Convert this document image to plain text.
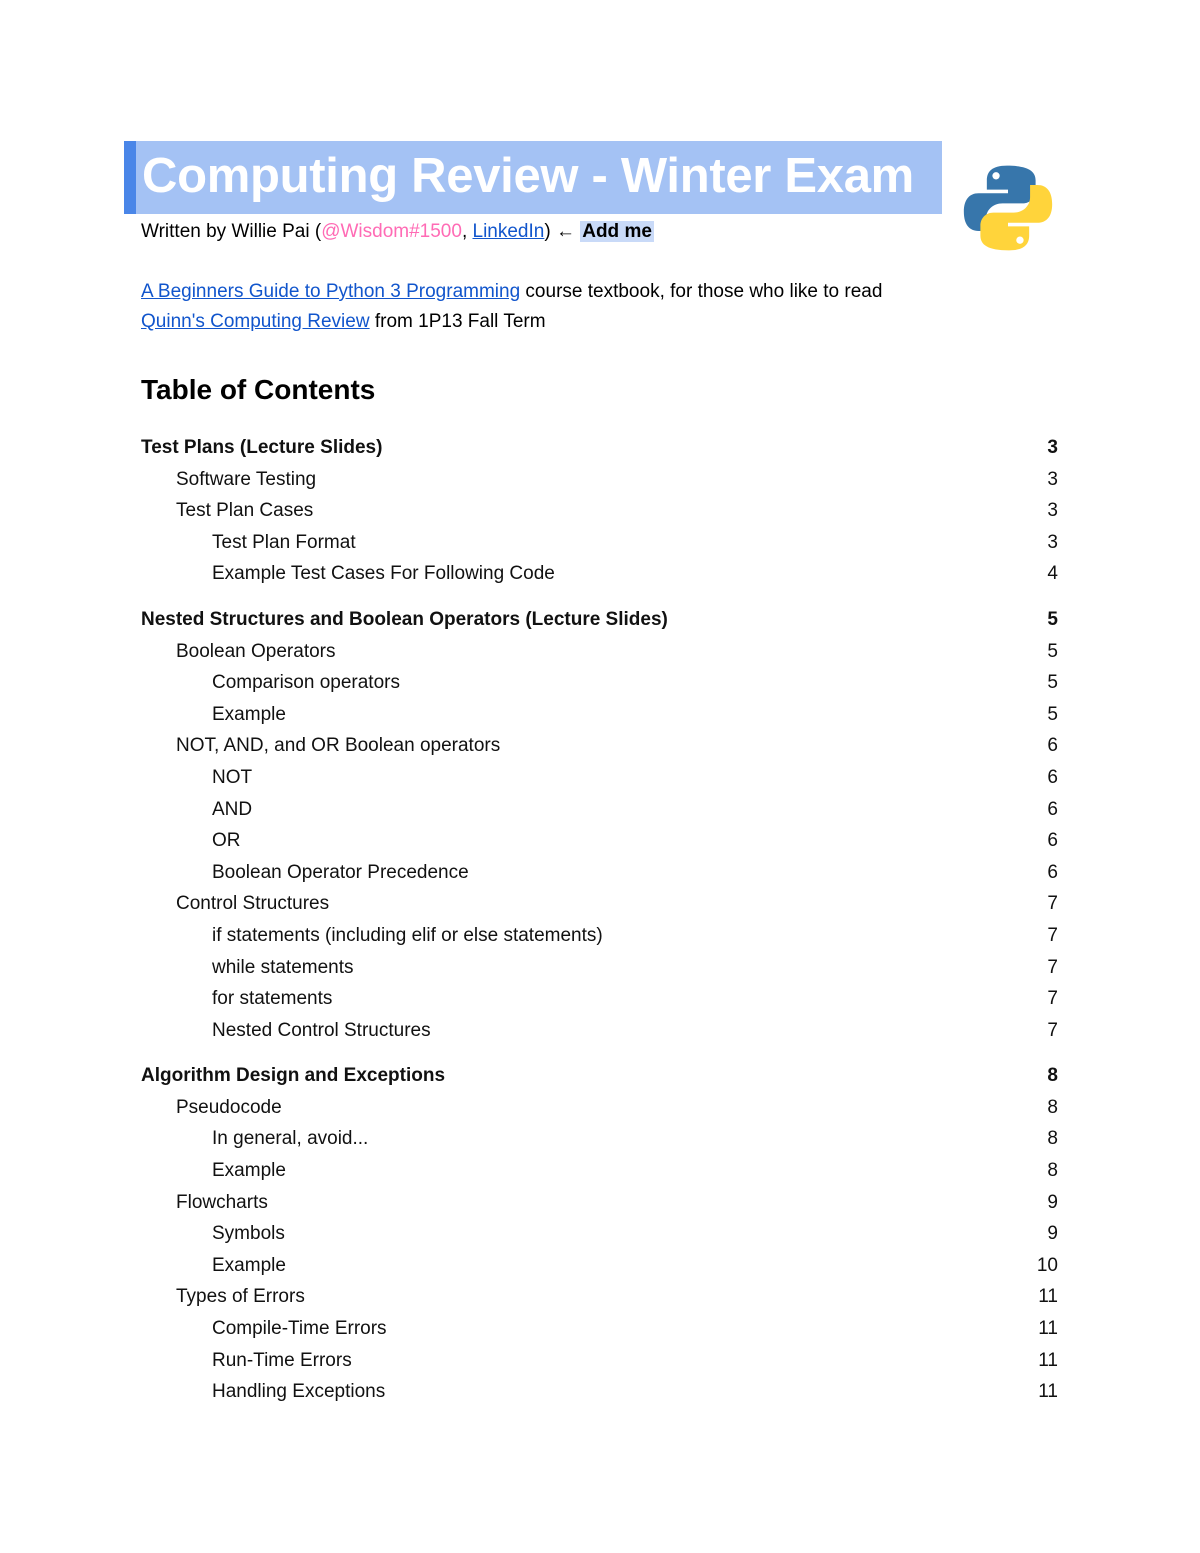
Computing Review - Winter Exam
Written by Willie Pai (@Wisdom#1500, LinkedIn) ← Add me
A Beginners Guide to Python 3 Programming course textbook, for those who like to read
Quinn's Computing Review from 1P13 Fall Term
Table of Contents
Test Plans (Lecture Slides)	3
Software Testing	3
Test Plan Cases	3
Test Plan Format	3
Example Test Cases For Following Code	4
Nested Structures and Boolean Operators (Lecture Slides)	5
Boolean Operators	5
Comparison operators	5
Example	5
NOT, AND, and OR Boolean operators	6
NOT	6
AND	6
OR	6
Boolean Operator Precedence	6
Control Structures	7
if statements (including elif or else statements)	7
while statements	7
for statements	7
Nested Control Structures	7
Algorithm Design and Exceptions	8
Pseudocode	8
In general, avoid...	8
Example	8
Flowcharts	9
Symbols	9
Example	10
Types of Errors	11
Compile-Time Errors	11
Run-Time Errors	11
Handling Exceptions	11
